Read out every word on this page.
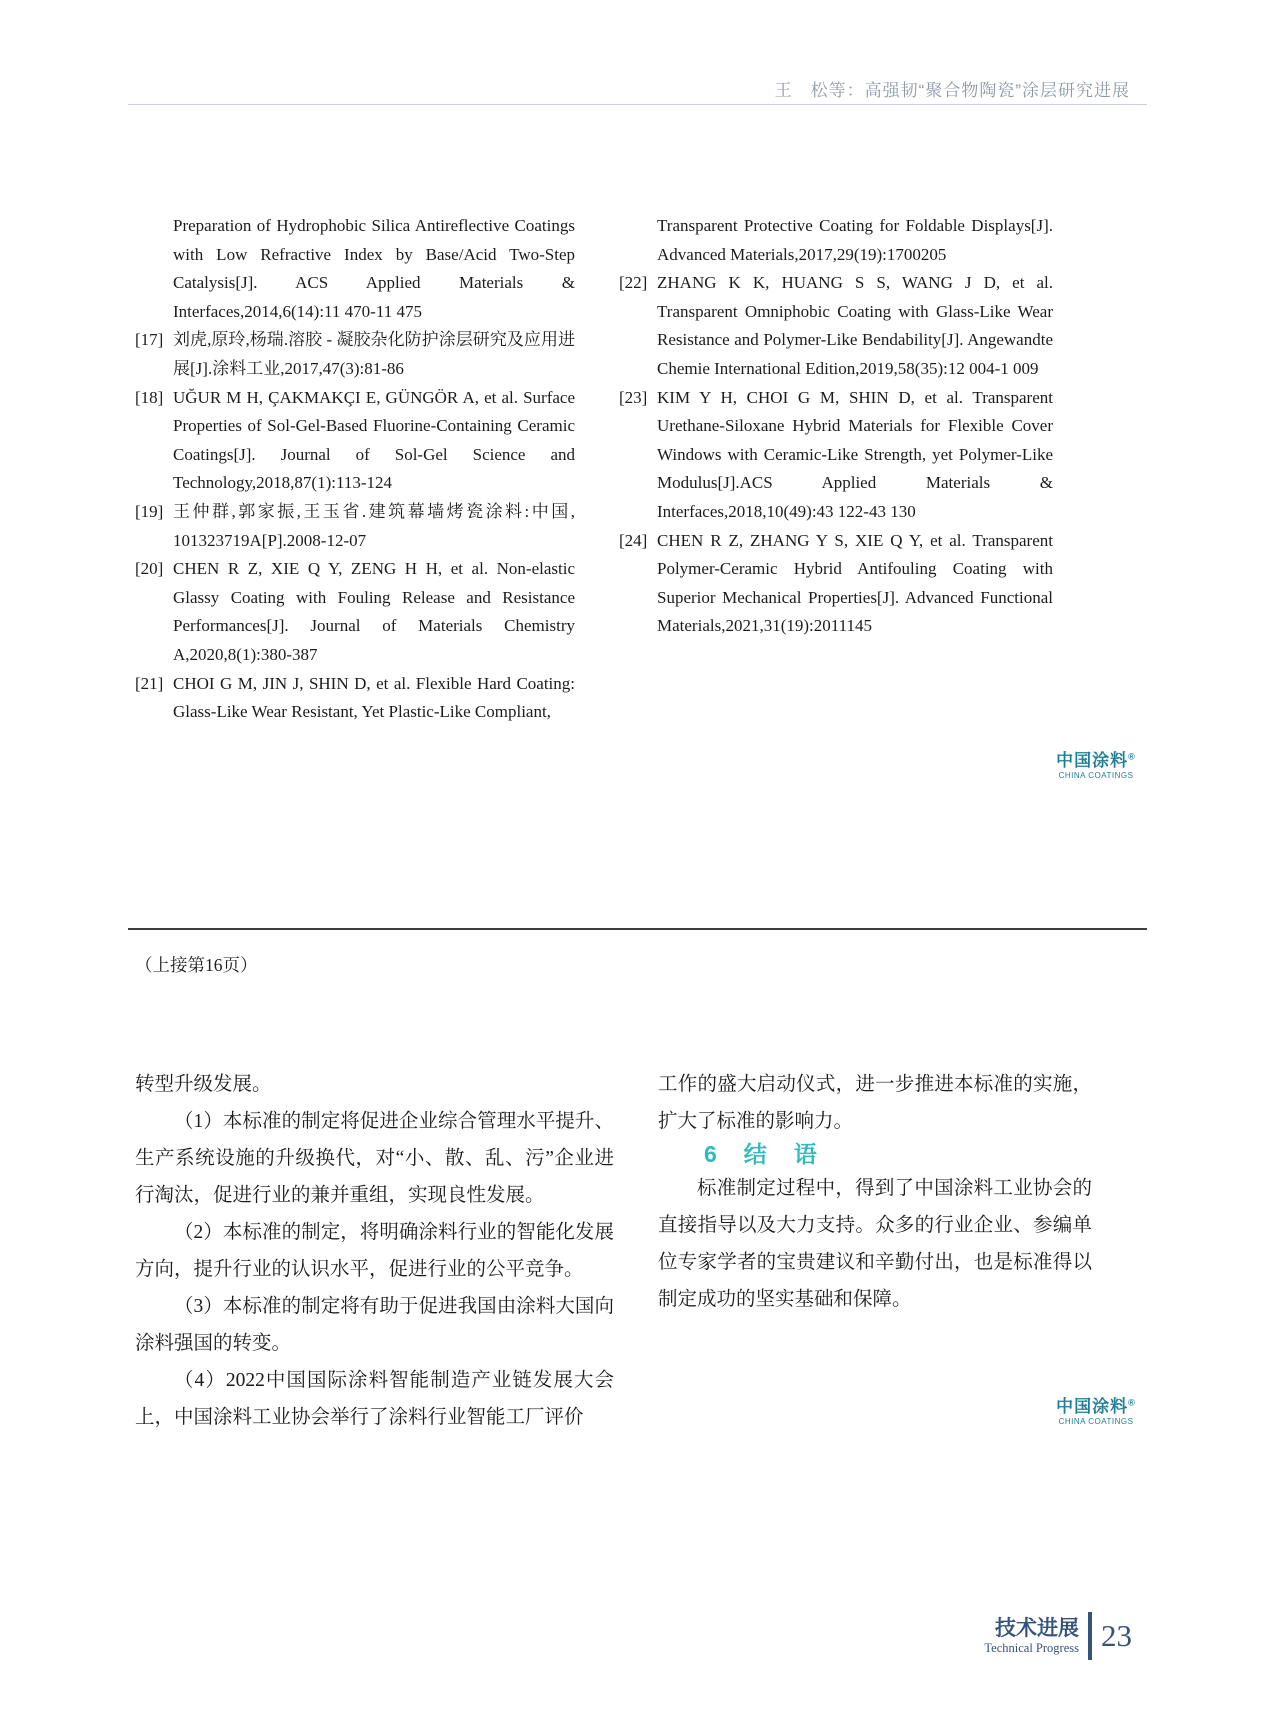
王　松等：高强韧“聚合物陶瓷”涂层研究进展

Preparation of Hydrophobic Silica Antireflective Coatings with Low Refractive Index by Base/Acid Two-Step Catalysis[J]. ACS Applied Materials & Interfaces,2014,6(14):11 470-11 475

[17] 刘虎,原玲,杨瑞.溶胶 - 凝胶杂化防护涂层研究及应用进展[J].涂料工业,2017,47(3):81-86

[18] UĞUR M H, ÇAKMAKÇI E, GÜNGÖR A, et al. Surface Properties of Sol-Gel-Based Fluorine-Containing Ceramic Coatings[J]. Journal of Sol-Gel Science and Technology,2018,87(1):113-124

[19] 王仲群,郭家振,王玉省.建筑幕墙烤瓷涂料:中国, 101323719A[P].2008-12-07

[20] CHEN R Z, XIE Q Y, ZENG H H, et al. Non-elastic Glassy Coating with Fouling Release and Resistance Performances[J]. Journal of Materials Chemistry A,2020,8(1):380-387

[21] CHOI G M, JIN J, SHIN D, et al. Flexible Hard Coating: Glass-Like Wear Resistant, Yet Plastic-Like Compliant,

Transparent Protective Coating for Foldable Displays[J]. Advanced Materials,2017,29(19):1700205

[22] ZHANG K K, HUANG S S, WANG J D, et al. Transparent Omniphobic Coating with Glass-Like Wear Resistance and Polymer-Like Bendability[J]. Angewandte Chemie International Edition,2019,58(35):12 004-1 009

[23] KIM Y H, CHOI G M, SHIN D, et al. Transparent Urethane-Siloxane Hybrid Materials for Flexible Cover Windows with Ceramic-Like Strength, yet Polymer-Like Modulus[J].ACS Applied Materials & Interfaces,2018,10(49):43 122-43 130

[24] CHEN R Z, ZHANG Y S, XIE Q Y, et al. Transparent Polymer-Ceramic Hybrid Antifouling Coating with Superior Mechanical Properties[J]. Advanced Functional Materials,2021,31(19):2011145

中国涂料®
CHINA COATINGS
（上接第16页）

转型升级发展。

（1）本标准的制定将促进企业综合管理水平提升、生产系统设施的升级换代，对“小、散、乱、污”企业进行淘汰，促进行业的兼并重组，实现良性发展。

（2）本标准的制定，将明确涂料行业的智能化发展方向，提升行业的认识水平，促进行业的公平竞争。

（3）本标准的制定将有助于促进我国由涂料大国向涂料强国的转变。

（4）2022中国国际涂料智能制造产业链发展大会上，中国涂料工业协会举行了涂料行业智能工厂评价

工作的盛大启动仪式，进一步推进本标准的实施，扩大了标准的影响力。

6　结　语

标准制定过程中，得到了中国涂料工业协会的直接指导以及大力支持。众多的行业企业、参编单位专家学者的宝贵建议和辛勤付出，也是标准得以制定成功的坚实基础和保障。

中国涂料®
CHINA COATINGS
技术进展
Technical Progress 23
